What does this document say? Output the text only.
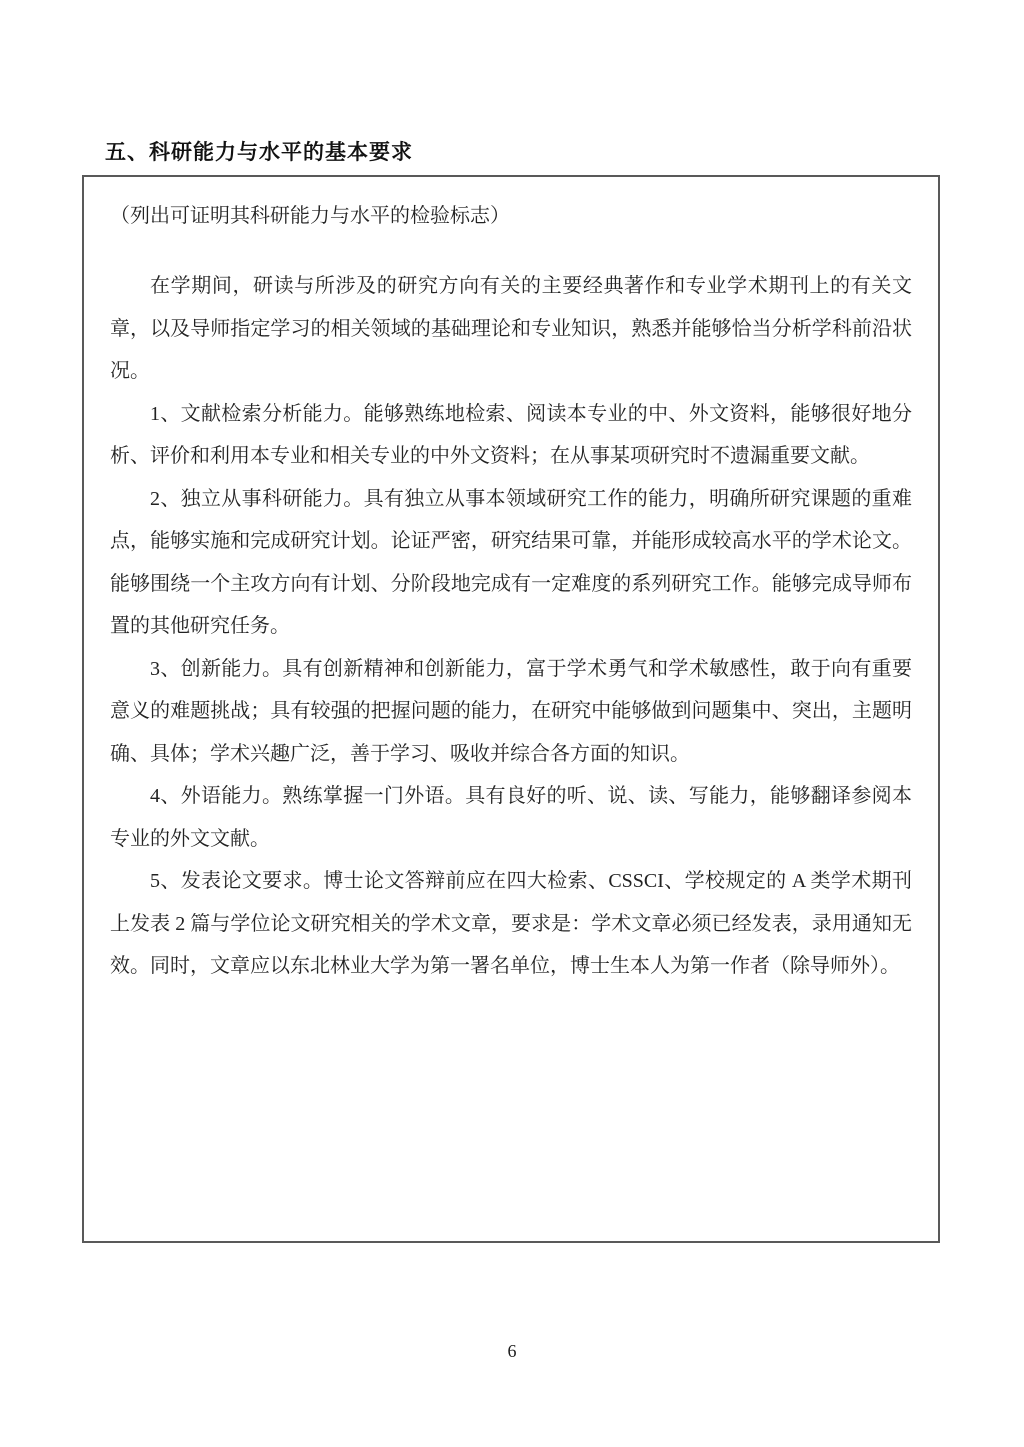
五、科研能力与水平的基本要求

（列出可证明其科研能力与水平的检验标志）

在学期间，研读与所涉及的研究方向有关的主要经典著作和专业学术期刊上的有关文章，以及导师指定学习的相关领域的基础理论和专业知识，熟悉并能够恰当分析学科前沿状况。

1、文献检索分析能力。能够熟练地检索、阅读本专业的中、外文资料，能够很好地分析、评价和利用本专业和相关专业的中外文资料；在从事某项研究时不遗漏重要文献。

2、独立从事科研能力。具有独立从事本领域研究工作的能力，明确所研究课题的重难点，能够实施和完成研究计划。论证严密，研究结果可靠，并能形成较高水平的学术论文。能够围绕一个主攻方向有计划、分阶段地完成有一定难度的系列研究工作。能够完成导师布置的其他研究任务。

3、创新能力。具有创新精神和创新能力，富于学术勇气和学术敏感性，敢于向有重要意义的难题挑战；具有较强的把握问题的能力，在研究中能够做到问题集中、突出，主题明确、具体；学术兴趣广泛，善于学习、吸收并综合各方面的知识。

4、外语能力。熟练掌握一门外语。具有良好的听、说、读、写能力，能够翻译参阅本专业的外文文献。

5、发表论文要求。博士论文答辩前应在四大检索、CSSCI、学校规定的 A 类学术期刊上发表 2 篇与学位论文研究相关的学术文章，要求是：学术文章必须已经发表，录用通知无效。同时，文章应以东北林业大学为第一署名单位，博士生本人为第一作者（除导师外）。

6
